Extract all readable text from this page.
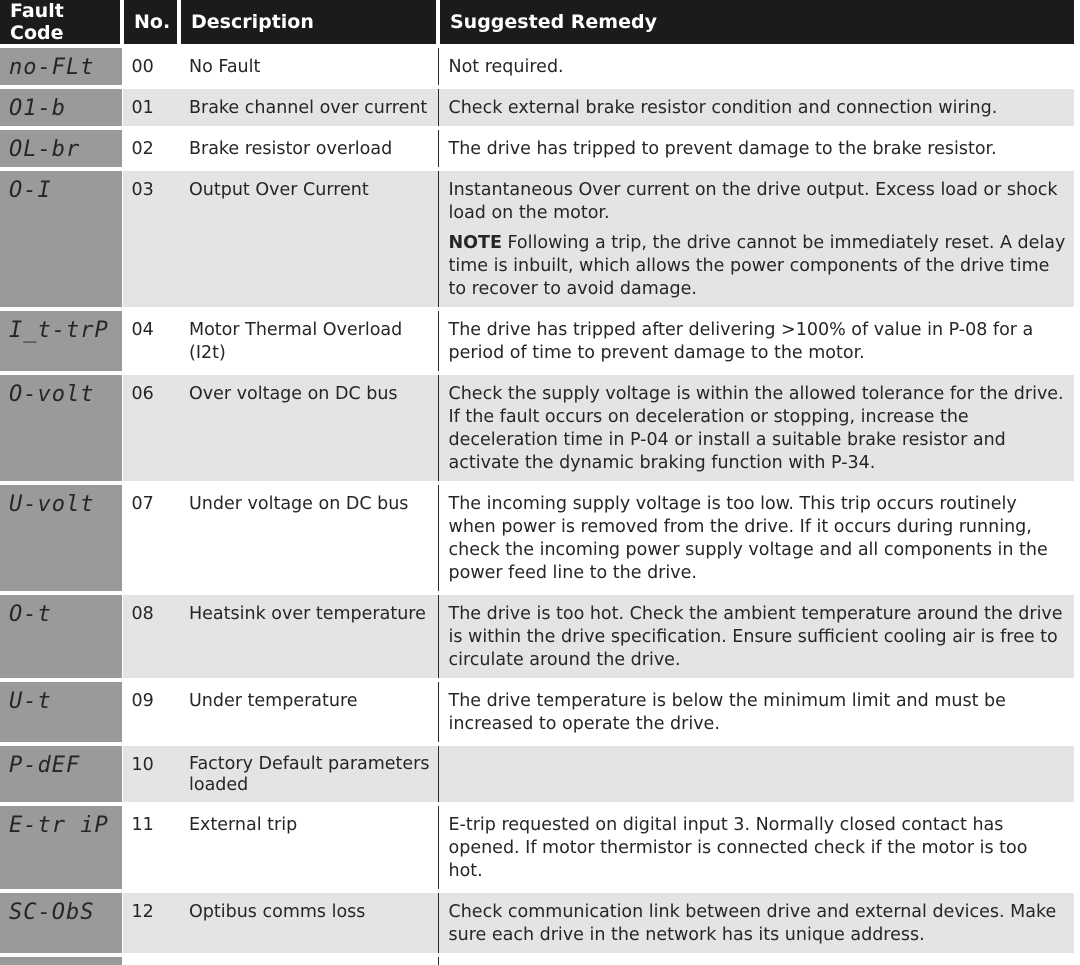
Fault Code	No.	Description	Suggested Remedy

no-FLt	00	No Fault	Not required.

O1-b	01	Brake channel over current	Check external brake resistor condition and connection wiring.

OL-br	02	Brake resistor overload	The drive has tripped to prevent damage to the brake resistor.

O-I	03	Output Over Current	Instantaneous Over current on the drive output. Excess load or shock load on the motor.
NOTE Following a trip, the drive cannot be immediately reset. A delay time is inbuilt, which allows the power components of the drive time to recover to avoid damage.

I_t-trP	04	Motor Thermal Overload (I2t)	The drive has tripped after delivering >100% of value in P-08 for a period of time to prevent damage to the motor.

O-volt	06	Over voltage on DC bus	Check the supply voltage is within the allowed tolerance for the drive. If the fault occurs on deceleration or stopping, increase the deceleration time in P-04 or install a suitable brake resistor and activate the dynamic braking function with P-34.

U-volt	07	Under voltage on DC bus	The incoming supply voltage is too low. This trip occurs routinely when power is removed from the drive. If it occurs during running, check the incoming power supply voltage and all components in the power feed line to the drive.

O-t	08	Heatsink over temperature	The drive is too hot. Check the ambient temperature around the drive is within the drive specification. Ensure sufficient cooling air is free to circulate around the drive.

U-t	09	Under temperature	The drive temperature is below the minimum limit and must be increased to operate the drive.

P-dEF	10	Factory Default parameters loaded	

E-tr iP	11	External trip	E-trip requested on digital input 3. Normally closed contact has opened. If motor thermistor is connected check if the motor is too hot.

SC-ObS	12	Optibus comms loss	Check communication link between drive and external devices. Make sure each drive in the network has its unique address.
